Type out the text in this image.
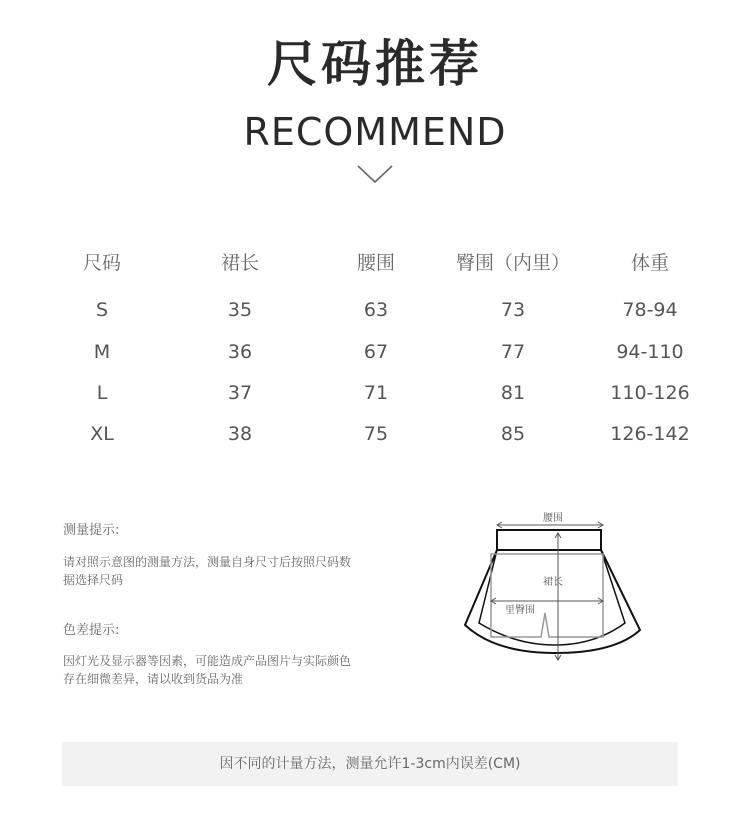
尺码推荐
RECOMMEND
尺码	裙长	腰围	臀围（内里）	体重
S	35	63	73	78-94
M	36	67	77	94-110
L	37	71	81	110-126
XL	38	75	85	126-142
测量提示:
请对照示意图的测量方法，测量自身尺寸后按照尺码数据选择尺码
色差提示:
因灯光及显示器等因素，可能造成产品图片与实际颜色存在细微差异，请以收到货品为准
腰围
裙长
里臀围
因不同的计量方法，测量允许1-3cm内误差(CM)
